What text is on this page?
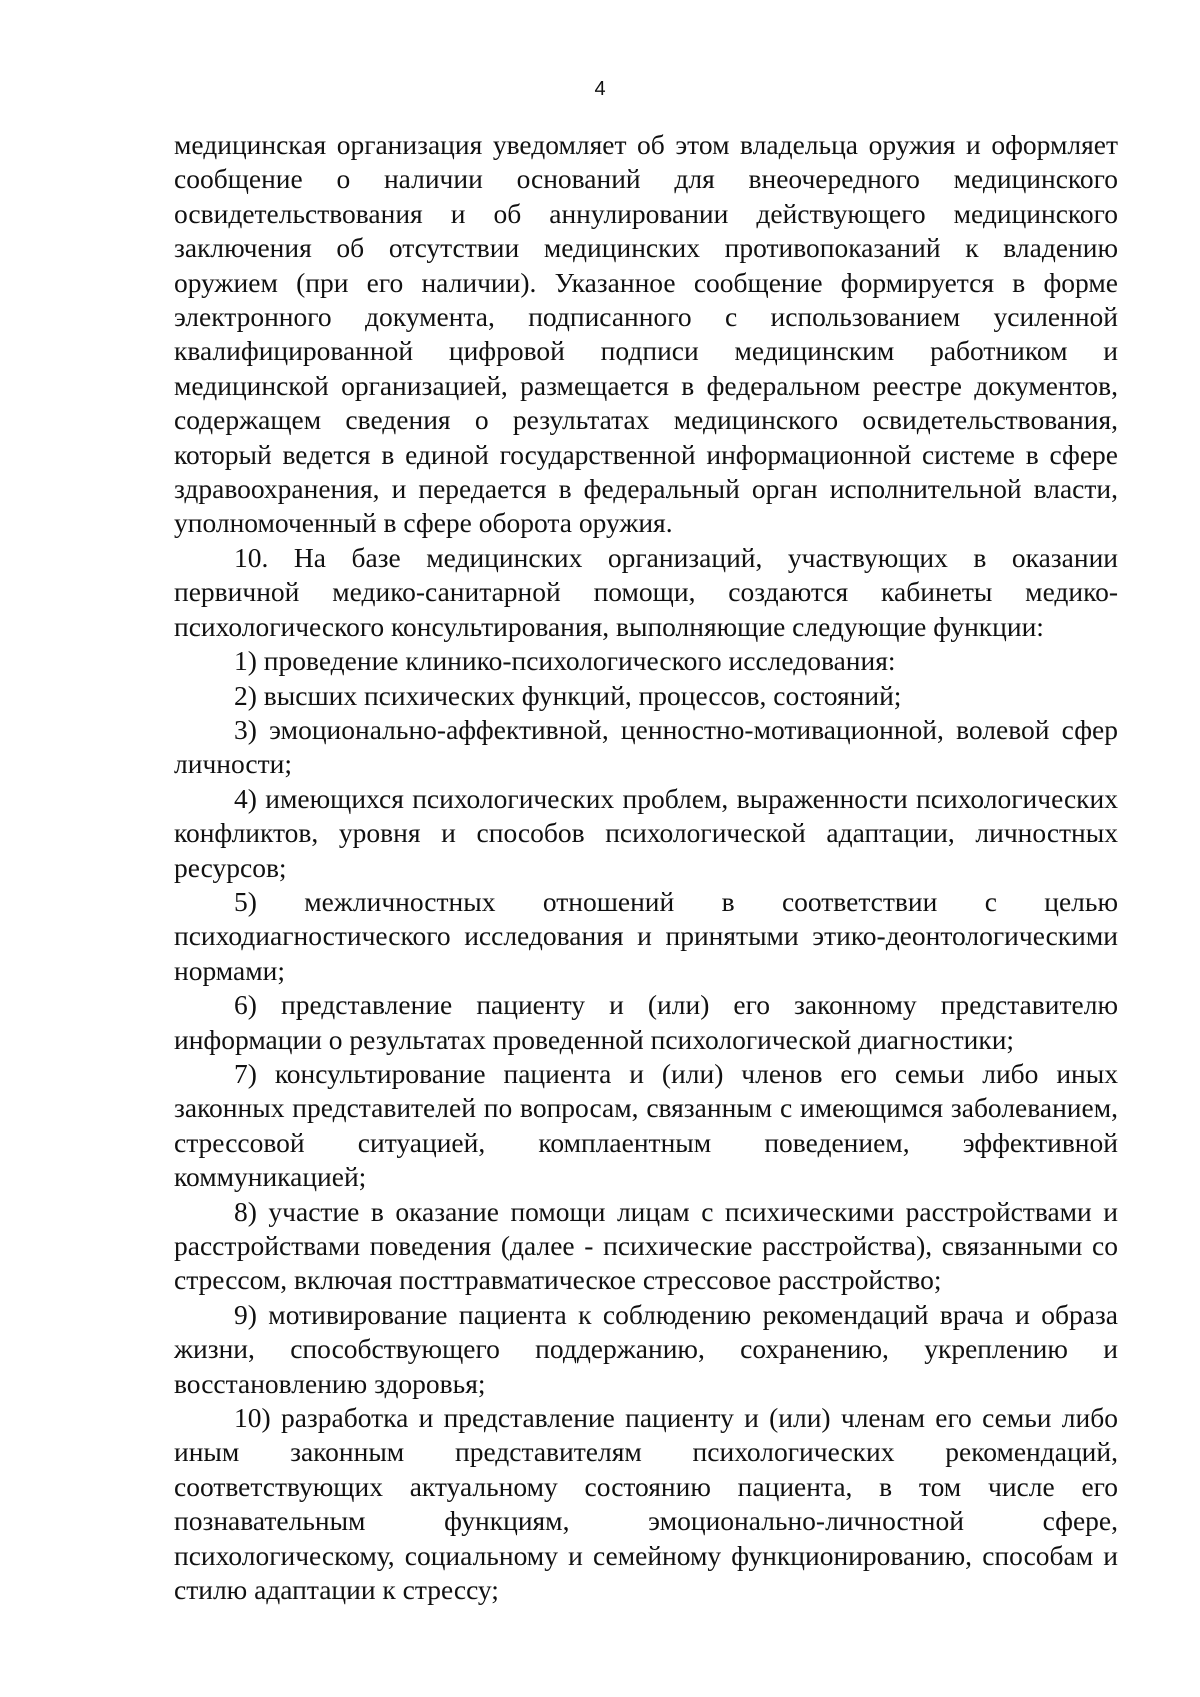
4

медицинская организация уведомляет об этом владельца оружия и оформляет сообщение о наличии оснований для внеочередного медицинского освидетельствования и об аннулировании действующего медицинского заключения об отсутствии медицинских противопоказаний к владению оружием (при его наличии). Указанное сообщение формируется в форме электронного документа, подписанного с использованием усиленной квалифицированной цифровой подписи медицинским работником и медицинской организацией, размещается в федеральном реестре документов, содержащем сведения о результатах медицинского освидетельствования, который ведется в единой государственной информационной системе в сфере здравоохранения, и передается в федеральный орган исполнительной власти, уполномоченный в сфере оборота оружия.

10. На базе медицинских организаций, участвующих в оказании первичной медико-санитарной помощи, создаются кабинеты медико-психологического консультирования, выполняющие следующие функции:

1) проведение клинико-психологического исследования:

2) высших психических функций, процессов, состояний;

3) эмоционально-аффективной, ценностно-мотивационной, волевой сфер личности;

4) имеющихся психологических проблем, выраженности психологических конфликтов, уровня и способов психологической адаптации, личностных ресурсов;

5) межличностных отношений в соответствии с целью психодиагностического исследования и принятыми этико-деонтологическими нормами;

6) представление пациенту и (или) его законному представителю информации о результатах проведенной психологической диагностики;

7) консультирование пациента и (или) членов его семьи либо иных законных представителей по вопросам, связанным с имеющимся заболеванием, стрессовой ситуацией, комплаентным поведением, эффективной коммуникацией;

8) участие в оказание помощи лицам с психическими расстройствами и расстройствами поведения (далее - психические расстройства), связанными со стрессом, включая посттравматическое стрессовое расстройство;

9) мотивирование пациента к соблюдению рекомендаций врача и образа жизни, способствующего поддержанию, сохранению, укреплению и восстановлению здоровья;

10) разработка и представление пациенту и (или) членам его семьи либо иным законным представителям психологических рекомендаций, соответствующих актуальному состоянию пациента, в том числе его познавательным функциям, эмоционально-личностной сфере, психологическому, социальному и семейному функционированию, способам и стилю адаптации к стрессу;
